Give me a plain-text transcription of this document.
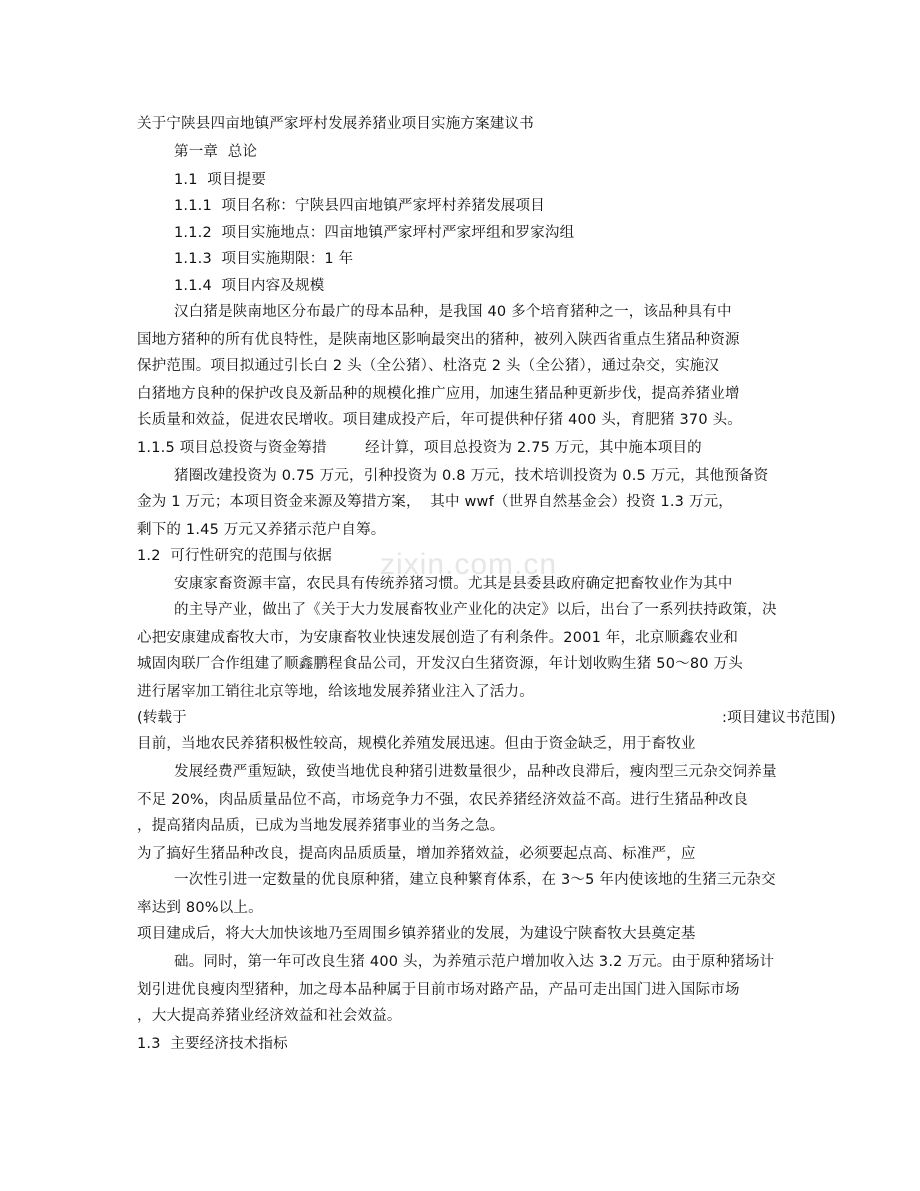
zixin.com.cn
关于宁陕县四亩地镇严家坪村发展养猪业项目实施方案建议书
第一章  总论
1.1  项目提要
1.1.1  项目名称：宁陕县四亩地镇严家坪村养猪发展项目
1.1.2  项目实施地点：四亩地镇严家坪村严家坪组和罗家沟组
1.1.3  项目实施期限：1 年
1.1.4  项目内容及规模
汉白猪是陕南地区分布最广的母本品种，是我国 40 多个培育猪种之一，该品种具有中
国地方猪种的所有优良特性，是陕南地区影响最突出的猪种，被列入陕西省重点生猪品种资源
保护范围。项目拟通过引长白 2 头（全公猪）、杜洛克 2 头（全公猪），通过杂交，实施汉
白猪地方良种的保护改良及新品种的规模化推广应用，加速生猪品种更新步伐，提高养猪业增
长质量和效益，促进农民增收。项目建成投产后，年可提供种仔猪 400 头，育肥猪 370 头。
1.1.5 项目总投资与资金筹措        经计算，项目总投资为 2.75 万元，其中施本项目的
猪圈改建投资为 0.75 万元，引种投资为 0.8 万元，技术培训投资为 0.5 万元，其他预备资
金为 1 万元；本项目资金来源及筹措方案，  其中 wwf（世界自然基金会）投资 1.3 万元，
剩下的 1.45 万元又养猪示范户自筹。
1.2  可行性研究的范围与依据
安康家畜资源丰富，农民具有传统养猪习惯。尤其是县委县政府确定把畜牧业作为其中
的主导产业，做出了《关于大力发展畜牧业产业化的决定》以后，出台了一系列扶持政策，决
心把安康建成畜牧大市，为安康畜牧业快速发展创造了有利条件。2001 年，北京顺鑫农业和
城固肉联厂合作组建了顺鑫鹏程食品公司，开发汉白生猪资源，年计划收购生猪 50～80 万头
进行屠宰加工销往北京等地，给该地发展养猪业注入了活力。
(转载于	:项目建议书范围)
目前，当地农民养猪积极性较高，规模化养殖发展迅速。但由于资金缺乏，用于畜牧业
发展经费严重短缺，致使当地优良种猪引进数量很少，品种改良滞后，瘦肉型三元杂交饲养量
不足 20%，肉品质量品位不高，市场竞争力不强，农民养猪经济效益不高。进行生猪品种改良
，提高猪肉品质，已成为当地发展养猪事业的当务之急。
为了搞好生猪品种改良，提高肉品质质量，增加养猪效益，必须要起点高、标准严，应
一次性引进一定数量的优良原种猪，建立良种繁育体系，在 3～5 年内使该地的生猪三元杂交
率达到 80%以上。
项目建成后，将大大加快该地乃至周围乡镇养猪业的发展，为建设宁陕畜牧大县奠定基
础。同时，第一年可改良生猪 400 头，为养殖示范户增加收入达 3.2 万元。由于原种猪场计
划引进优良瘦肉型猪种，加之母本品种属于目前市场对路产品，产品可走出国门进入国际市场
，大大提高养猪业经济效益和社会效益。
1.3  主要经济技术指标
